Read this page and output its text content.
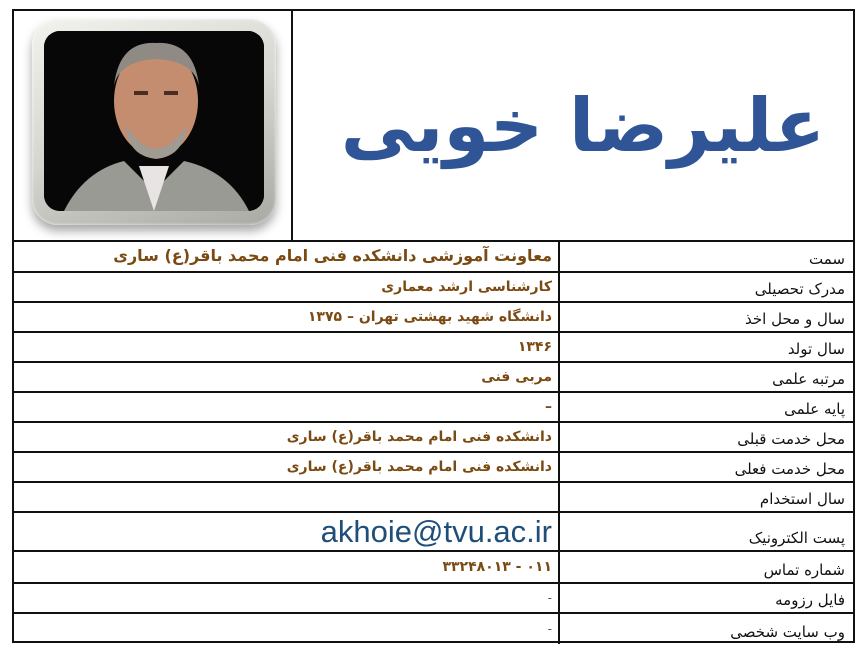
علیرضا خویی
سمت
معاونت آموزشی دانشکده فنی امام محمد باقر(ع) ساری
مدرک تحصیلی
کارشناسی ارشد معماری
سال و محل اخذ
دانشگاه شهید بهشتی تهران – ۱۳۷۵
سال تولد
۱۳۴۶
مرتبه علمی
مربی فنی
پایه علمی
–
محل خدمت قبلی
دانشکده فنی امام محمد باقر(ع) ساری
محل خدمت فعلی
دانشکده فنی امام محمد باقر(ع) ساری
سال استخدام
پست الکترونیک
akhoie@tvu.ac.ir
شماره تماس
۰۱۱ - ۳۳۲۴۸۰۱۳
فایل رزومه
-
وب سایت شخصی
-
